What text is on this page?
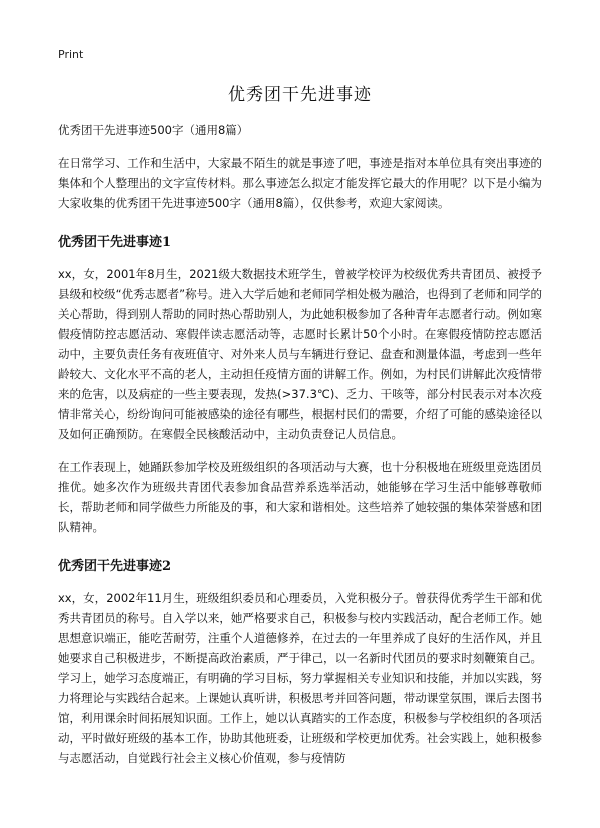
Print
优秀团干先进事迹

优秀团干先进事迹500字（通用8篇）

在日常学习、工作和生活中，大家最不陌生的就是事迹了吧，事迹是指对本单位具有突出事迹的集体和个人整理出的文字宣传材料。那么事迹怎么拟定才能发挥它最大的作用呢？以下是小编为大家收集的优秀团干先进事迹500字（通用8篇），仅供参考，欢迎大家阅读。

优秀团干先进事迹1

xx，女，2001年8月生，2021级大数据技术班学生，曾被学校评为校级优秀共青团员、被授予县级和校级“优秀志愿者”称号。进入大学后她和老师同学相处极为融洽，也得到了老师和同学的关心帮助，得到别人帮助的同时热心帮助别人，为此她积极参加了各种青年志愿者行动。例如寒假疫情防控志愿活动、寒假伴读志愿活动等，志愿时长累计50个小时。在寒假疫情防控志愿活动中，主要负责任务有夜班值守、对外来人员与车辆进行登记、盘查和测量体温，考虑到一些年龄较大、文化水平不高的老人，主动担任疫情方面的讲解工作。例如，为村民们讲解此次疫情带来的危害，以及病症的一些主要表现，发热(>37.3℃)、乏力、干咳等，部分村民表示对本次疫情非常关心，纷纷询问可能被感染的途径有哪些，根据村民们的需要，介绍了可能的感染途径以及如何正确预防。在寒假全民核酸活动中，主动负责登记人员信息。

在工作表现上，她踊跃参加学校及班级组织的各项活动与大赛，也十分积极地在班级里竞选团员推优。她多次作为班级共青团代表参加食品营养系选举活动，她能够在学习生活中能够尊敬师长，帮助老师和同学做些力所能及的事，和大家和谐相处。这些培养了她较强的集体荣誉感和团队精神。

优秀团干先进事迹2

xx，女，2002年11月生，班级组织委员和心理委员，入党积极分子。曾获得优秀学生干部和优秀共青团员的称号。自入学以来，她严格要求自己，积极参与校内实践活动，配合老师工作。她思想意识端正，能吃苦耐劳，注重个人道德修养，在过去的一年里养成了良好的生活作风，并且她要求自己积极进步，不断提高政治素质，严于律己，以一名新时代团员的要求时刻鞭策自己。学习上，她学习态度端正，有明确的学习目标，努力掌握相关专业知识和技能，并加以实践，努力将理论与实践结合起来。上课她认真听讲，积极思考并回答问题，带动课堂氛围，课后去图书馆，利用课余时间拓展知识面。工作上，她以认真踏实的工作态度，积极参与学校组织的各项活动，平时做好班级的基本工作，协助其他班委，让班级和学校更加优秀。社会实践上，她积极参与志愿活动，自觉践行社会主义核心价值观，参与疫情防
